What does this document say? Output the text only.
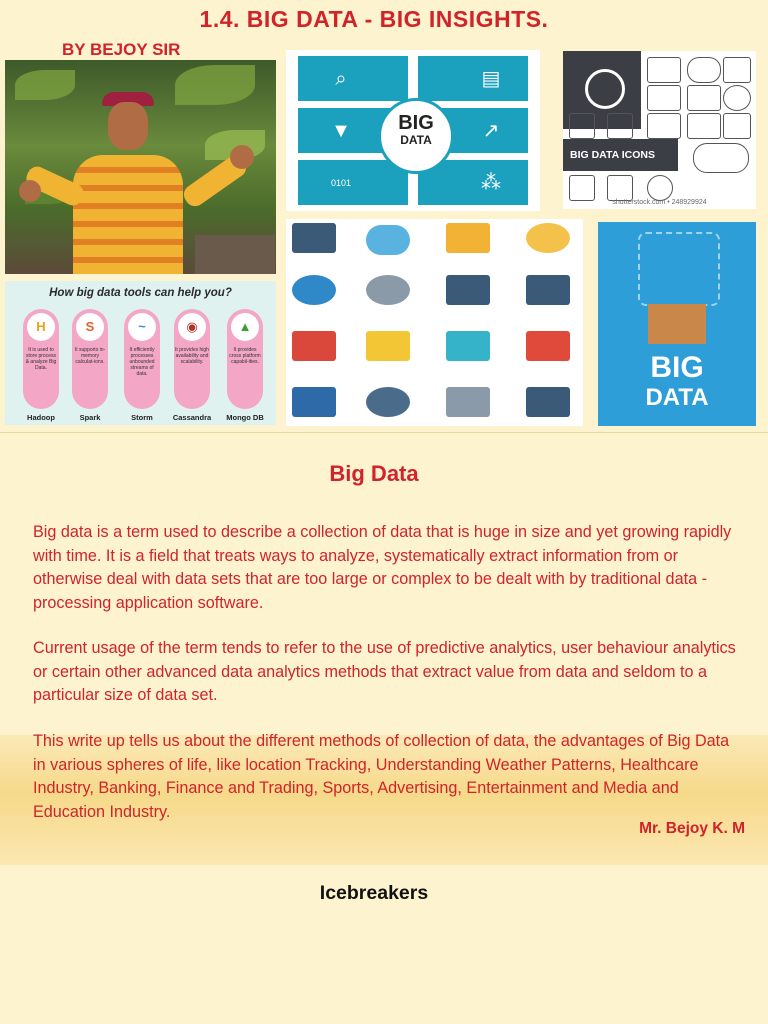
1.4. BIG DATA - BIG INSIGHTS.
BY BEJOY SIR
How big data tools can help you?
H
It is used to store process & analyze Big Data.
Hadoop
S
It supports in-memory calculat-ions.
Spark
~
It efficiently processes unbounded streams of data.
Storm
◉
It provides high availability and scalability.
Cassandra
▲
It provides cross platform capabil-ities.
Mongo DB
⌕	▤
▼	↗
0101	⁂
BIG
DATA
BIG DATA ICONS
shutterstock.com • 248929924
BIG
DATA
Big Data
Big data is a term used to describe a collection of data that is huge in size and yet growing rapidly with time. It is a field that treats ways to analyze, systematically extract information from or otherwise deal with data sets that are too large or complex to be dealt with by traditional data - processing application software.
Current usage of the term tends to refer to the use of predictive analytics, user behaviour analytics or certain other advanced data analytics methods that extract value from data and seldom to a particular size of data set.
This write up tells us about the different methods of collection of data, the advantages of Big Data in various spheres of life, like location Tracking, Understanding Weather Patterns, Healthcare Industry, Banking, Finance and Trading, Sports, Advertising, Entertainment and Media and Education Industry.
Mr. Bejoy K. M
Icebreakers
